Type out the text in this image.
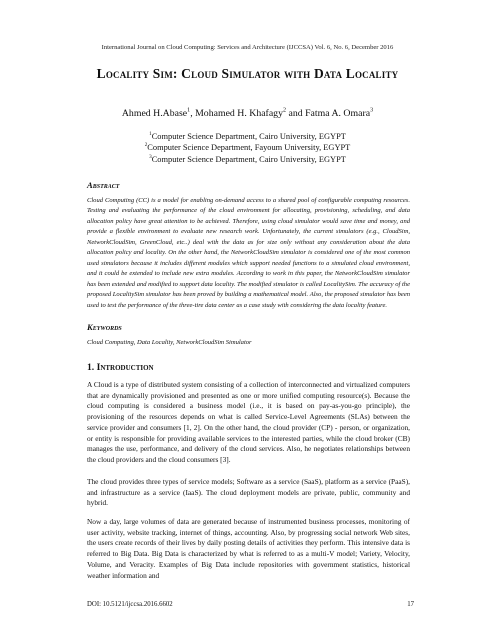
International Journal on Cloud Computing: Services and Architecture (IJCCSA) Vol. 6, No. 6, December 2016
Locality Sim: Cloud Simulator with Data Locality
Ahmed H.Abase$^1$, Mohamed H. Khafagy$^2$ and Fatma A. Omara$^3$
$^1$Computer Science Department, Cairo University, EGYPT
$^2$Computer Science Department, Fayoum University, EGYPT
$^3$Computer Science Department, Cairo University, EGYPT
Abstract
Cloud Computing (CC) is a model for enabling on-demand access to a shared pool of configurable computing resources. Testing and evaluating the performance of the cloud environment for allocating, provisioning, scheduling, and data allocation policy have great attention to be achieved. Therefore, using cloud simulator would save time and money, and provide a flexible environment to evaluate new research work. Unfortunately, the current simulators (e.g., CloudSim, NetworkCloudSim, GreenCloud, etc..) deal with the data as for size only without any consideration about the data allocation policy and locality. On the other hand, the NetworkCloudSim simulator is considered one of the most common used simulators because it includes different modules which support needed functions to a simulated cloud environment, and it could be extended to include new extra modules. According to work in this paper, the NetworkCloudSim simulator has been extended and modified to support data locality. The modified simulator is called LocalitySim. The accuracy of the proposed LocalitySim simulator has been proved by building a mathematical model. Also, the proposed simulator has been used to test the performance of the three-tire data center as a case study with considering the data locality feature.
Keywords
Cloud Computing, Data Locality, NetworkCloudSim Simulator
1. Introduction
A Cloud is a type of distributed system consisting of a collection of interconnected and virtualized computers that are dynamically provisioned and presented as one or more unified computing resource(s). Because the cloud computing is considered a business model (i.e., it is based on pay-as-you-go principle), the provisioning of the resources depends on what is called Service-Level Agreements (SLAs) between the service provider and consumers [1, 2]. On the other hand, the cloud provider (CP) - person, or organization, or entity is responsible for providing available services to the interested parties, while the cloud broker (CB) manages the use, performance, and delivery of the cloud services. Also, he negotiates relationships between the cloud providers and the cloud consumers [3].
The cloud provides three types of service models; Software as a service (SaaS), platform as a service (PaaS), and infrastructure as a service (IaaS). The cloud deployment models are private, public, community and hybrid.
Now a day, large volumes of data are generated because of instrumented business processes, monitoring of user activity, website tracking, internet of things, accounting. Also, by progressing social network Web sites, the users create records of their lives by daily posting details of activities they perform. This intensive data is referred to Big Data. Big Data is characterized by what is referred to as a multi-V model; Variety, Velocity, Volume, and Veracity. Examples of Big Data include repositories with government statistics, historical weather information and
DOI: 10.5121/ijccsa.2016.6602	17
